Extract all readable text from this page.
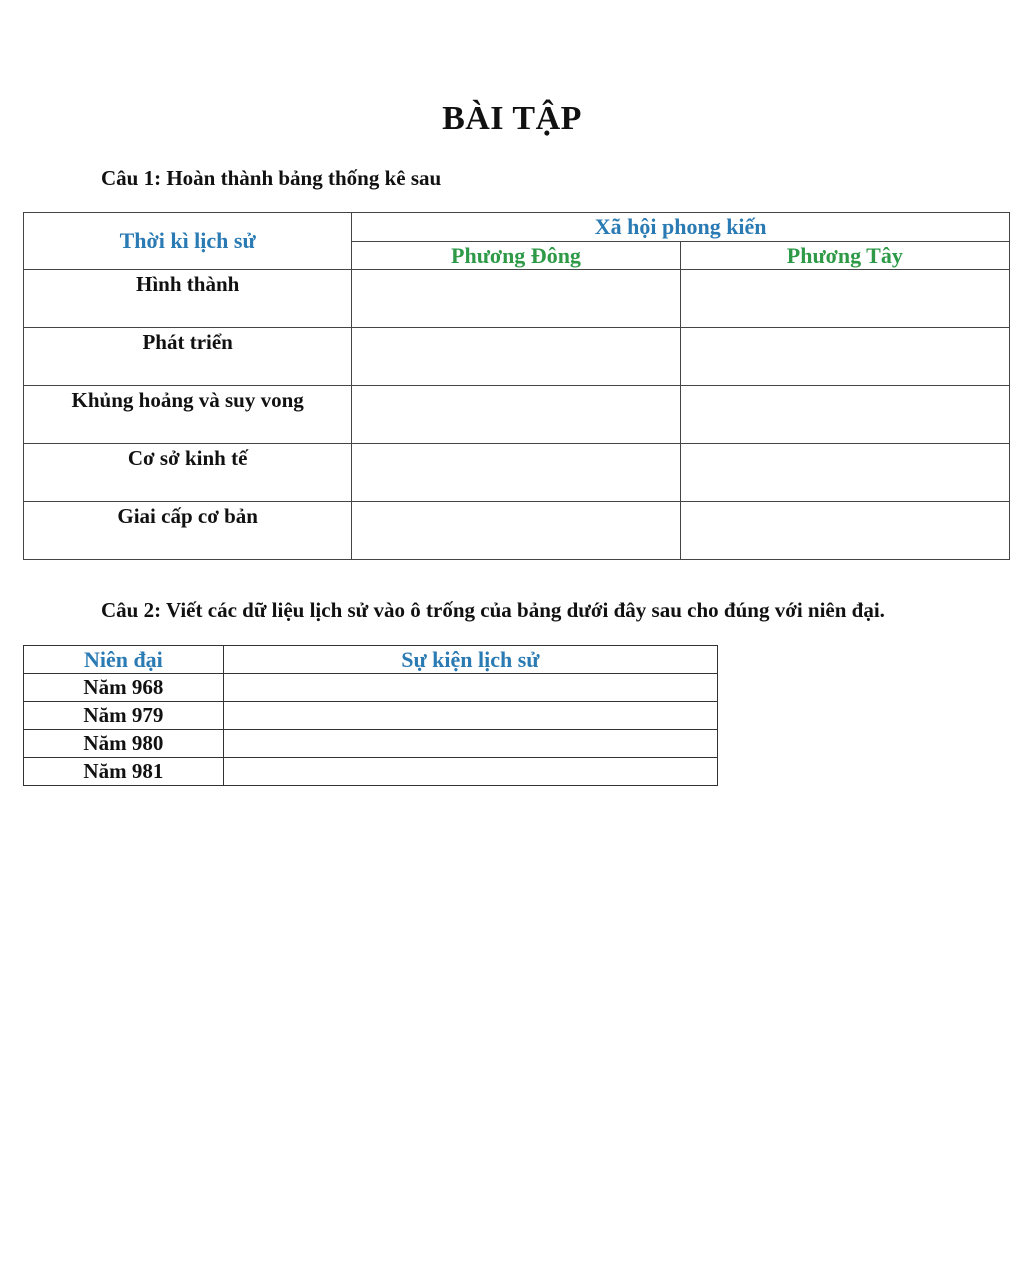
BÀI TẬP
Câu 1: Hoàn thành bảng thống kê sau
Thời kì lịch sử	Xã hội phong kiến	
	Phương Đông	Phương Tây
Hình thành		
Phát triển		
Khủng hoảng và suy vong		
Cơ sở kinh tế		
Giai cấp cơ bản		
Câu 2: Viết các dữ liệu lịch sử vào ô trống của bảng dưới đây sau cho đúng với niên đại.
Niên đại	Sự kiện lịch sử
Năm 968	
Năm 979	
Năm 980	
Năm 981	
